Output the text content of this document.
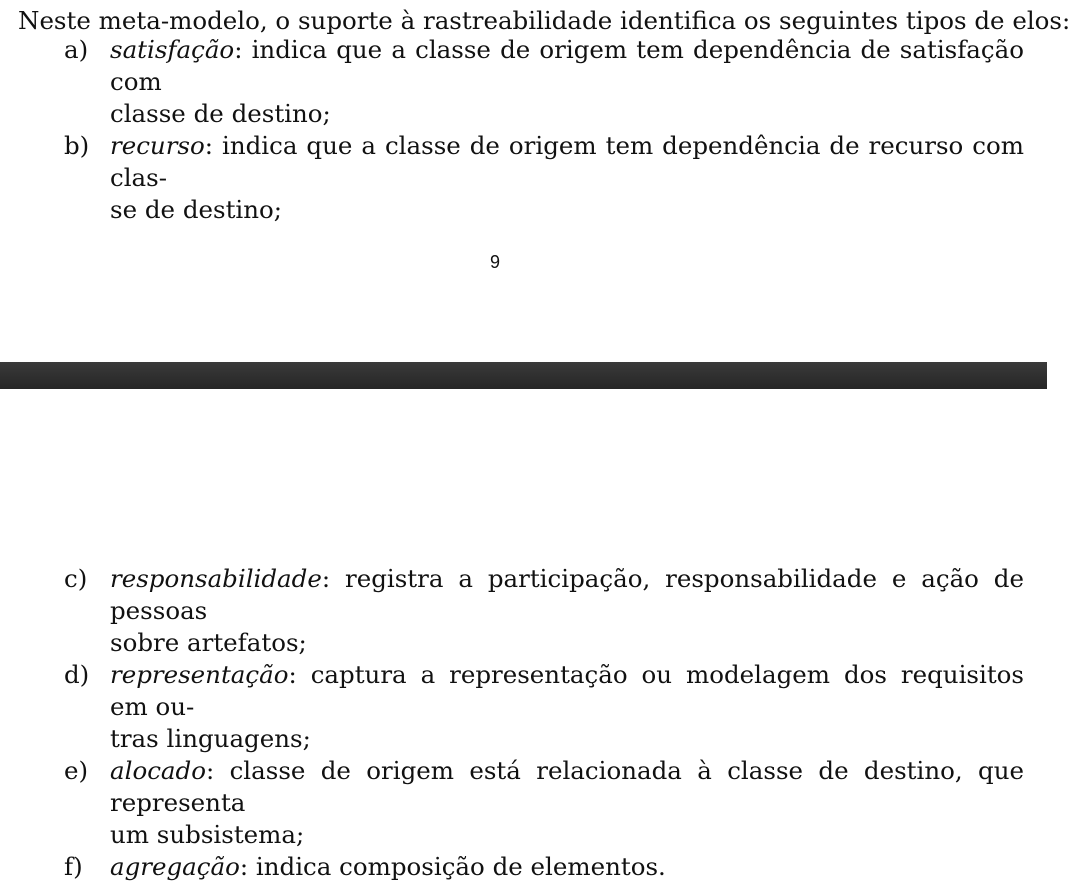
Neste meta-modelo, o suporte à rastreabilidade identifica os seguintes tipos de elos:
a) satisfação: indica que a classe de origem tem dependência de satisfação com
classe de destino;
b) recurso: indica que a classe de origem tem dependência de recurso com clas-
se de destino;
9
c) responsabilidade: registra a participação, responsabilidade e ação de pessoas
sobre artefatos;
d) representação: captura a representação ou modelagem dos requisitos em ou-
tras linguagens;
e) alocado: classe de origem está relacionada à classe de destino, que representa
um subsistema;
f) agregação: indica composição de elementos.
